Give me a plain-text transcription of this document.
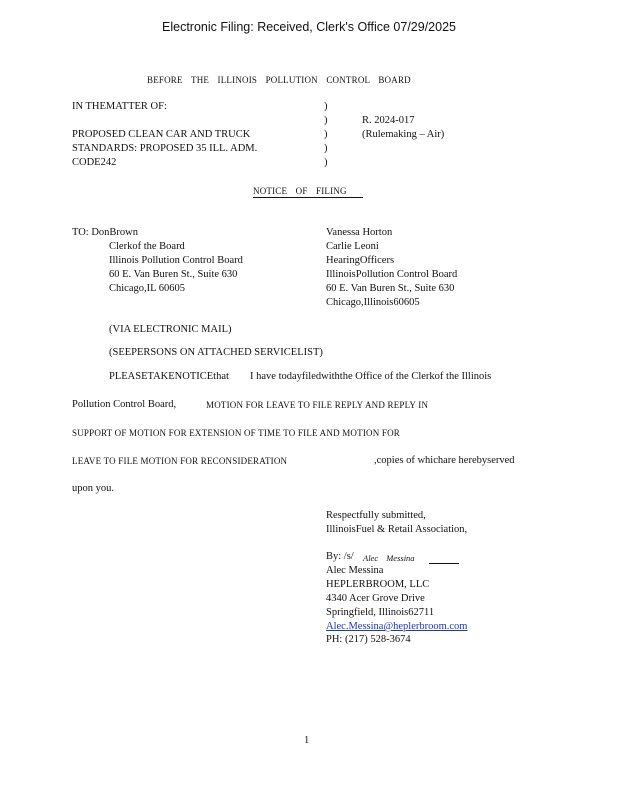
Electronic Filing: Received, Clerk's Office 07/29/2025
BEFORE THE ILLINOIS POLLUTION CONTROL BOARD
IN THEMATTER OF:
PROPOSED CLEAN CAR AND TRUCK
STANDARDS: PROPOSED 35 ILL. ADM.
CODE242
)
)
)
)
)
R. 2024-017
(Rulemaking – Air)
NOTICE OF FILING
TO: DonBrown
Clerkof the Board
Illinois Pollution Control Board
60 E. Van Buren St., Suite 630
Chicago,IL 60605
Vanessa Horton
Carlie Leoni
HearingOfficers
IllinoisPollution Control Board
60 E. Van Buren St., Suite 630
Chicago,Illinois60605
(VIA ELECTRONIC MAIL)
(SEEPERSONS ON ATTACHED SERVICELIST)
PLEASETAKENOTICEthat I have todayfiledwiththe Office of the Clerkof the Illinois
Pollution Control Board,	MOTION FOR LEAVE TO FILE REPLY AND REPLY IN
SUPPORT OF MOTION FOR EXTENSION OF TIME TO FILE AND MOTION FOR
LEAVE TO FILE MOTION FOR RECONSIDERATION	,copies of whichare herebyserved
upon you.
Respectfully submitted,
IllinoisFuel & Retail Association,
By: /s/ Alec Messina
Alec Messina
HEPLERBROOM, LLC
4340 Acer Grove Drive
Springfield, Illinois62711
Alec.Messina@heplerbroom.com
PH: (217) 528-3674
1
